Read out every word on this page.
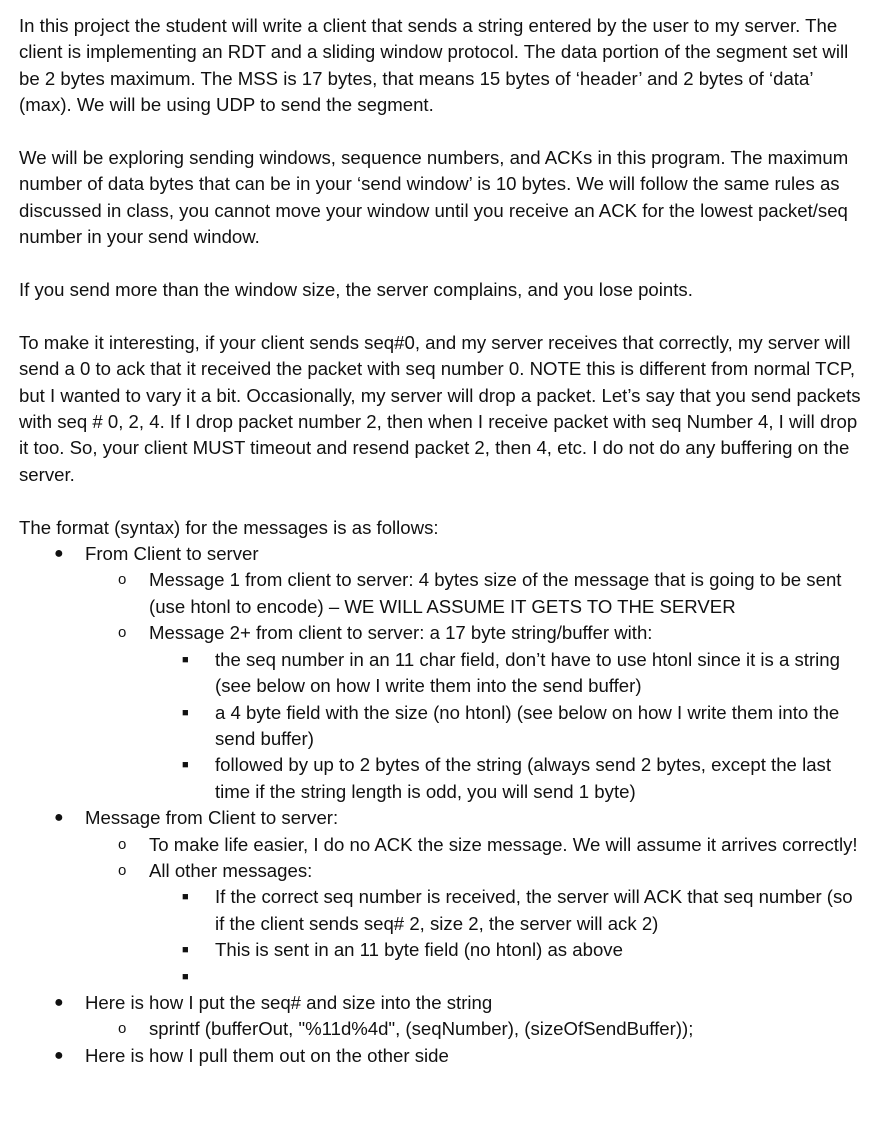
In this project the student will write a client that sends a string entered by the user to my server. The client is implementing an RDT and a sliding window protocol. The data portion of the segment set will be 2 bytes maximum. The MSS is 17 bytes, that means 15 bytes of ‘header’ and 2 bytes of ‘data’ (max). We will be using UDP to send the segment.

We will be exploring sending windows, sequence numbers, and ACKs in this program. The maximum number of data bytes that can be in your ‘send window’ is 10 bytes. We will follow the same rules as discussed in class, you cannot move your window until you receive an ACK for the lowest packet/seq number in your send window.

If you send more than the window size, the server complains, and you lose points.

To make it interesting, if your client sends seq#0, and my server receives that correctly, my server will send a 0 to ack that it received the packet with seq number 0. NOTE this is different from normal TCP, but I wanted to vary it a bit. Occasionally, my server will drop a packet. Let’s say that you send packets with seq # 0, 2, 4. If I drop packet number 2, then when I receive packet with seq Number 4, I will drop it too. So, your client MUST timeout and resend packet 2, then 4, etc. I do not do any buffering on the server.

The format (syntax) for the messages is as follows:
● From Client to server
o Message 1 from client to server: 4 bytes size of the message that is going to be sent (use htonl to encode) – WE WILL ASSUME IT GETS TO THE SERVER
o Message 2+ from client to server: a 17 byte string/buffer with:
■ the seq number in an 11 char field, don’t have to use htonl since it is a string (see below on how I write them into the send buffer)
■ a 4 byte field with the size (no htonl) (see below on how I write them into the send buffer)
■ followed by up to 2 bytes of the string (always send 2 bytes, except the last time if the string length is odd, you will send 1 byte)
● Message from Client to server:
o To make life easier, I do no ACK the size message. We will assume it arrives correctly!
o All other messages:
■ If the correct seq number is received, the server will ACK that seq number (so if the client sends seq# 2, size 2, the server will ack 2)
■ This is sent in an 11 byte field (no htonl) as above
■
● Here is how I put the seq# and size into the string
o sprintf (bufferOut, "%11d%4d", (seqNumber), (sizeOfSendBuffer));
● Here is how I pull them out on the other side
